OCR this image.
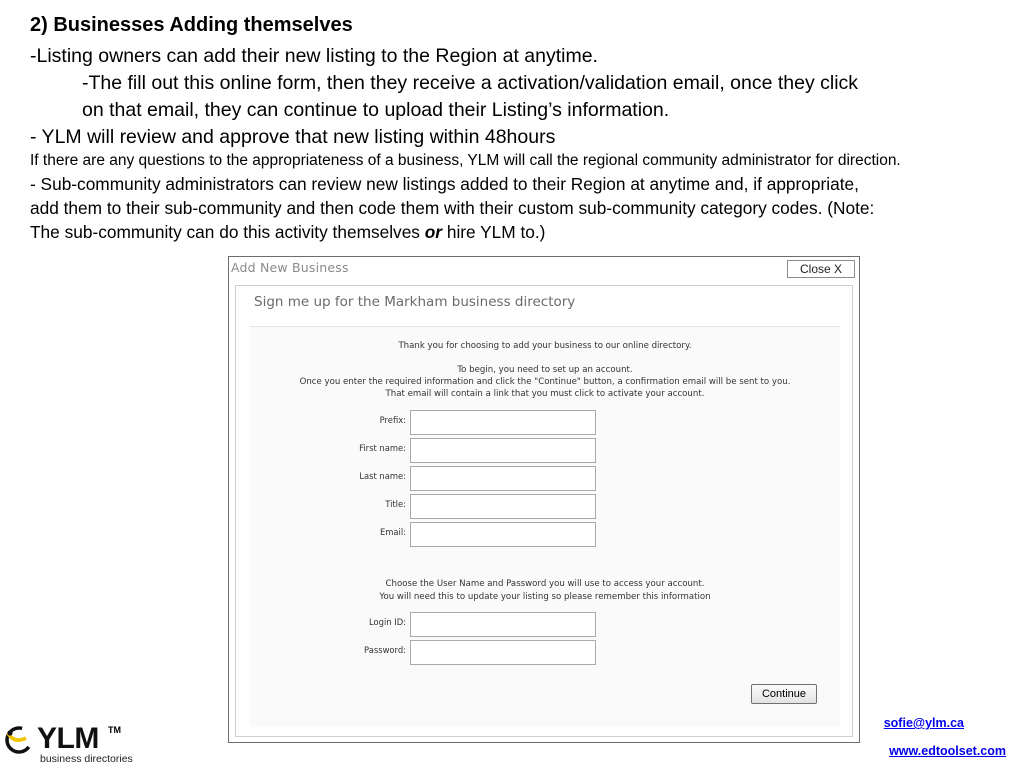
2) Businesses Adding themselves
-Listing owners can add their new listing to the Region at anytime.
-The fill out this online form, then they receive a activation/validation email, once they click
on that email, they can continue to upload their Listing’s information.
- YLM will review and approve that new listing within 48hours
If there are any questions to the appropriateness of a business, YLM will call the regional community administrator for direction.
- Sub-community administrators can review new listings added to their Region at anytime and, if appropriate,
add them to their sub-community and then code them with their custom sub-community category codes. (Note:
The sub-community can do this activity themselves or hire YLM to.)
Add New Business	Close X
Sign me up for the Markham business directory
Thank you for choosing to add your business to our online directory.
To begin, you need to set up an account.
Once you enter the required information and click the "Continue" button, a confirmation email will be sent to you.
That email will contain a link that you must click to activate your account.
Prefix:
First name:
Last name:
Title:
Email:
Choose the User Name and Password you will use to access your account.
You will need this to update your listing so please remember this information
Login ID:
Password:
Continue
YLM TM
business directories
sofie@ylm.ca
www.edtoolset.com
